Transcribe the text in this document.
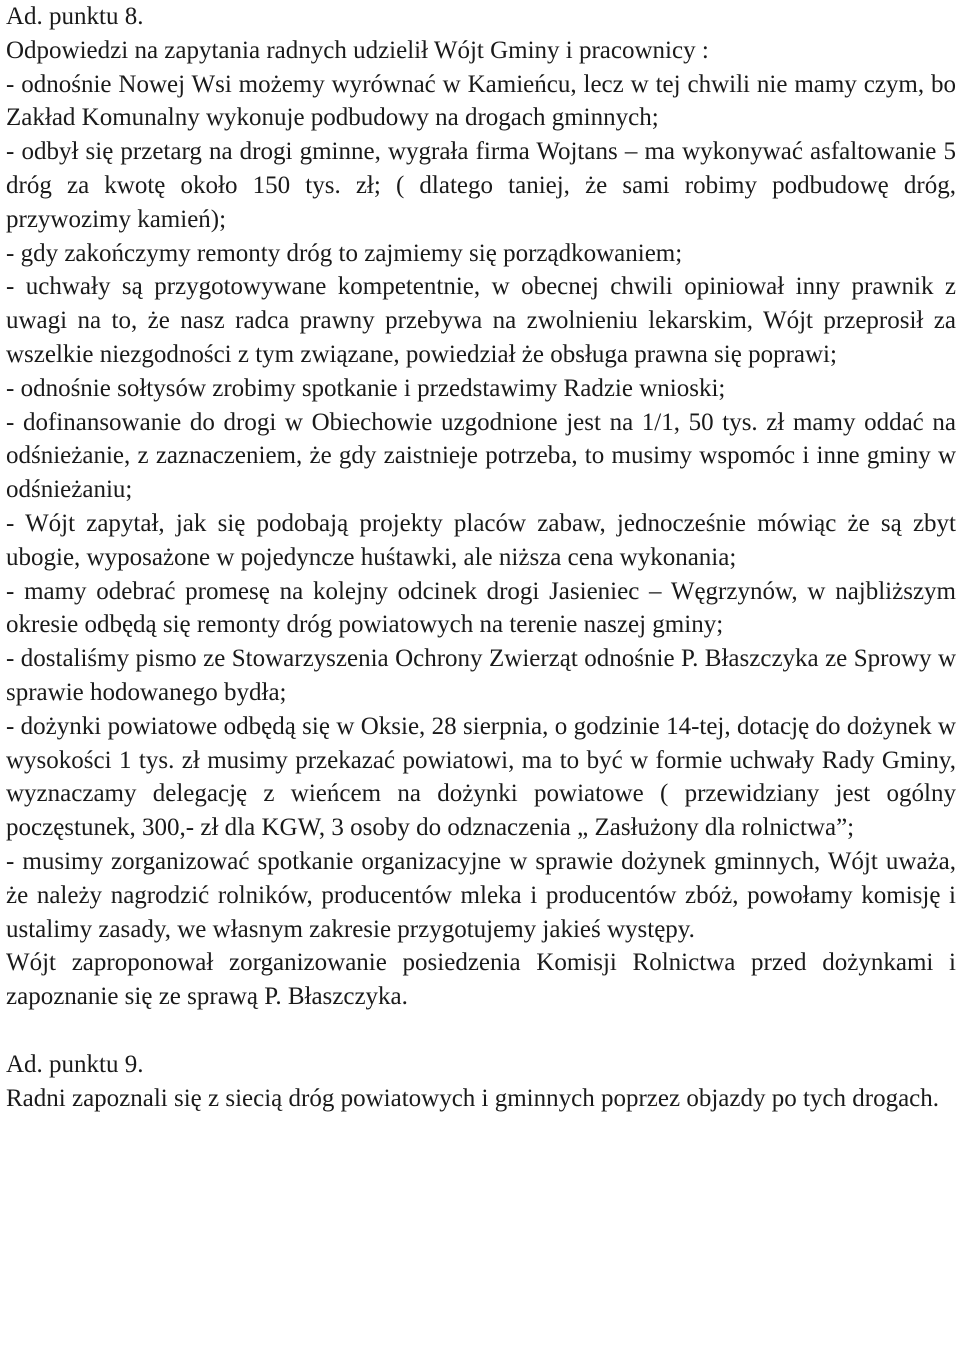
Ad. punktu 8.

Odpowiedzi na zapytania radnych udzielił Wójt Gminy i pracownicy :

- odnośnie Nowej Wsi możemy wyrównać w Kamieńcu, lecz w tej chwili nie mamy czym, bo Zakład Komunalny wykonuje podbudowy na drogach gminnych;

- odbył się przetarg na drogi gminne, wygrała firma Wojtans – ma wykonywać asfaltowanie 5 dróg za kwotę około 150 tys. zł; ( dlatego taniej, że sami robimy podbudowę dróg, przywozimy kamień);

- gdy zakończymy remonty dróg to zajmiemy się porządkowaniem;

- uchwały są przygotowywane kompetentnie, w obecnej chwili opiniował inny prawnik z uwagi na to, że nasz radca prawny przebywa na zwolnieniu lekarskim, Wójt przeprosił za wszelkie niezgodności z tym związane, powiedział że obsługa prawna się poprawi;

- odnośnie sołtysów zrobimy spotkanie i przedstawimy Radzie wnioski;

- dofinansowanie do drogi w Obiechowie uzgodnione jest na 1/1, 50 tys. zł mamy oddać na odśnieżanie, z zaznaczeniem, że gdy zaistnieje potrzeba, to musimy wspomóc i inne gminy w odśnieżaniu;

- Wójt zapytał, jak się podobają projekty placów zabaw, jednocześnie mówiąc że są zbyt ubogie, wyposażone w pojedyncze huśtawki, ale niższa cena wykonania;

- mamy odebrać promesę na kolejny odcinek drogi Jasieniec – Węgrzynów, w najbliższym okresie odbędą się remonty dróg powiatowych na terenie naszej gminy;

- dostaliśmy pismo ze Stowarzyszenia Ochrony Zwierząt odnośnie P. Błaszczyka ze Sprowy w sprawie hodowanego bydła;

- dożynki powiatowe odbędą się w Oksie, 28 sierpnia, o godzinie 14-tej, dotację do dożynek w wysokości 1 tys. zł musimy przekazać powiatowi, ma to być w formie uchwały Rady Gminy, wyznaczamy delegację z wieńcem na dożynki powiatowe ( przewidziany jest ogólny poczęstunek, 300,- zł dla KGW, 3 osoby do odznaczenia „ Zasłużony dla rolnictwa”;

- musimy zorganizować spotkanie organizacyjne w sprawie dożynek gminnych, Wójt uważa, że należy nagrodzić rolników, producentów mleka i producentów zbóż, powołamy komisję i ustalimy zasady, we własnym zakresie przygotujemy jakieś występy.

Wójt zaproponował zorganizowanie posiedzenia Komisji Rolnictwa przed dożynkami i zapoznanie się ze sprawą P. Błaszczyka.

Ad. punktu 9.

Radni zapoznali się z siecią dróg powiatowych i gminnych poprzez objazdy po tych drogach.
